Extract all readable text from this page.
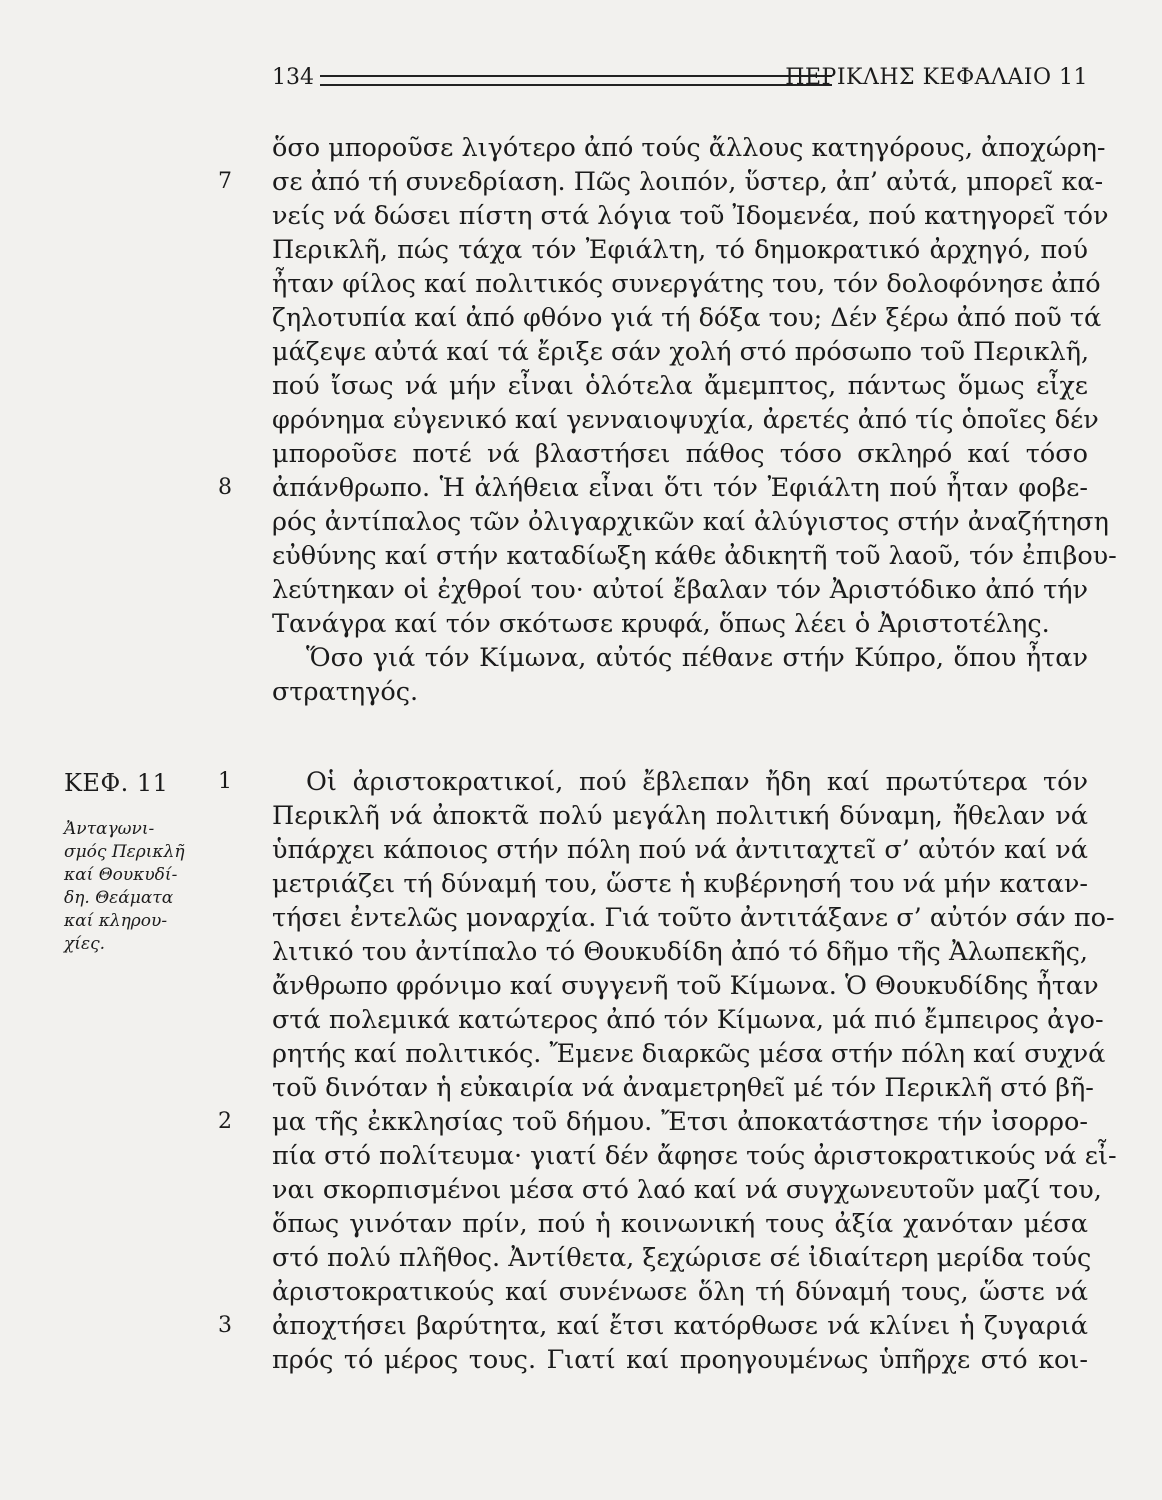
134	ΠΕΡΙΚΛΗΣ ΚΕΦΑΛΑΙΟ 11
ὅσο μποροῦσε λιγότερο ἀπό τούς ἄλλους κατηγόρους, ἀποχώρη-
σε ἀπό τή συνεδρίαση. Πῶς λοιπόν, ὕστερ, ἀπ’ αὐτά, μπορεῖ κα-
νείς νά δώσει πίστη στά λόγια τοῦ Ἰδομενέα, πού κατηγορεῖ τόν
Περικλῆ, πώς τάχα τόν Ἐφιάλτη, τό δημοκρατικό ἀρχηγό, πού
ἦταν φίλος καί πολιτικός συνεργάτης του, τόν δολοφόνησε ἀπό
ζηλοτυπία καί ἀπό φθόνο γιά τή δόξα του; Δέν ξέρω ἀπό ποῦ τά
μάζεψε αὐτά καί τά ἔριξε σάν χολή στό πρόσωπο τοῦ Περικλῆ,
πού ἴσως νά μήν εἶναι ὁλότελα ἄμεμπτος, πάντως ὅμως εἶχε
φρόνημα εὐγενικό καί γενναιοψυχία, ἀρετές ἀπό τίς ὁποῖες δέν
μποροῦσε ποτέ νά βλαστήσει πάθος τόσο σκληρό καί τόσο
ἀπάνθρωπο. Ἡ ἀλήθεια εἶναι ὅτι τόν Ἐφιάλτη πού ἦταν φοβε-
ρός ἀντίπαλος τῶν ὀλιγαρχικῶν καί ἀλύγιστος στήν ἀναζήτηση
εὐθύνης καί στήν καταδίωξη κάθε ἀδικητῆ τοῦ λαοῦ, τόν ἐπιβου-
λεύτηκαν οἱ ἐχθροί του· αὐτοί ἔβαλαν τόν Ἀριστόδικο ἀπό τήν
Τανάγρα καί τόν σκότωσε κρυφά, ὅπως λέει ὁ Ἀριστοτέλης.
Ὅσο γιά τόν Κίμωνα, αὐτός πέθανε στήν Κύπρο, ὅπου ἦταν
στρατηγός.
Οἱ ἀριστοκρατικοί, πού ἔβλεπαν ἤδη καί πρωτύτερα τόν
Περικλῆ νά ἀποκτᾶ πολύ μεγάλη πολιτική δύναμη, ἤθελαν νά
ὑπάρχει κάποιος στήν πόλη πού νά ἀντιταχτεῖ σ’ αὐτόν καί νά
μετριάζει τή δύναμή του, ὥστε ἡ κυβέρνησή του νά μήν καταν-
τήσει ἐντελῶς μοναρχία. Γιά τοῦτο ἀντιτάξανε σ’ αὐτόν σάν πο-
λιτικό του ἀντίπαλο τό Θουκυδίδη ἀπό τό δῆμο τῆς Ἀλωπεκῆς,
ἄνθρωπο φρόνιμο καί συγγενῆ τοῦ Κίμωνα. Ὁ Θουκυδίδης ἦταν
στά πολεμικά κατώτερος ἀπό τόν Κίμωνα, μά πιό ἔμπειρος ἀγο-
ρητής καί πολιτικός. Ἔμενε διαρκῶς μέσα στήν πόλη καί συχνά
τοῦ δινόταν ἡ εὐκαιρία νά ἀναμετρηθεῖ μέ τόν Περικλῆ στό βῆ-
μα τῆς ἐκκλησίας τοῦ δήμου. Ἔτσι ἀποκατάστησε τήν ἰσορρο-
πία στό πολίτευμα· γιατί δέν ἄφησε τούς ἀριστοκρατικούς νά εἶ-
ναι σκορπισμένοι μέσα στό λαό καί νά συγχωνευτοῦν μαζί του,
ὅπως γινόταν πρίν, πού ἡ κοινωνική τους ἀξία χανόταν μέσα
στό πολύ πλῆθος. Ἀντίθετα, ξεχώρισε σέ ἰδιαίτερη μερίδα τούς
ἀριστοκρατικούς καί συνένωσε ὅλη τή δύναμή τους, ὥστε νά
ἀποχτήσει βαρύτητα, καί ἔτσι κατόρθωσε νά κλίνει ἡ ζυγαριά
πρός τό μέρος τους. Γιατί καί προηγουμένως ὑπῆρχε στό κοι-
7
8
1
2
3
ΚΕΦ. 11
Ἀνταγωνι-
σμός Περικλῆ
καί Θουκυδί-
δη. Θεάματα
καί κληρου-
χίες.
